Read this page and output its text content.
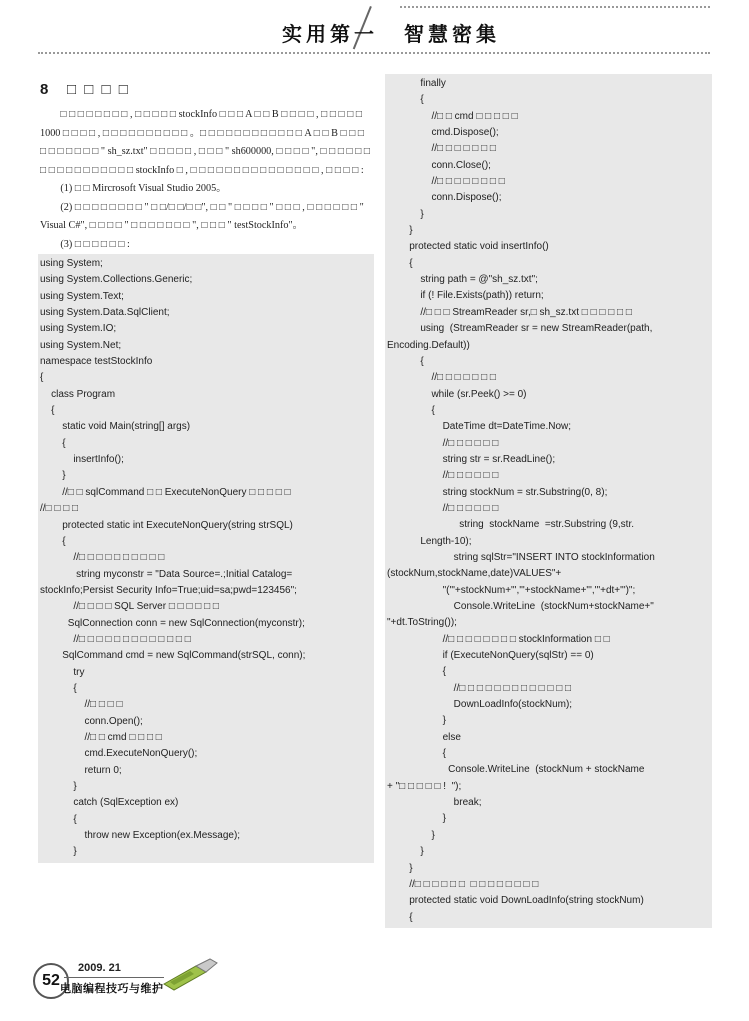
实用第一 智慧密集
8 □ □ □ □
□ □ □ □ □ □ □ □ , □ □ □ □ □ stockInfo □ □ □ A □ □ B □ □ □ □ , □ □ □ □ □ 1000 □ □ □ □ , □ □ □ □ □ □ □ □ □ □ 。□ □ □ □ □ □ □ □ □ □ □ □ A □ □ B □ □ □ □ □ □ □ □ □ □ " sh_sz.txt" □ □ □ □ □ , □ □ □ " sh600000, □ □ □ □ ", □ □ □ □ □ □ □ □ □ □ □ □ □ □ □ □ □ stockInfo □ , □ □ □ □ □ □ □ □ □ □ □ □ □ □ □ , □ □ □ □ :
(1) □ □ Mircrosoft Visual Studio 2005。
(2) □ □ □ □ □ □ □ □ " □ □/□ □/□ □", □ □ " □ □ □ □ " □ □ □ , □ □ □ □ □ □ " Visual C#", □ □ □ □ " □ □ □ □ □ □ □ ", □ □ □ " testStockInfo"。
(3) □ □ □ □ □ □ :
using System;
using System.Collections.Generic;
using System.Text;
using System.Data.SqlClient;
using System.IO;
using System.Net;
namespace testStockInfo
{
class Program
{
static void Main(string[] args)
{
insertInfo();
}
//□ □ sqlCommand □ □ ExecuteNonQuery □ □ □ □ □
//□ □ □ □
protected static int ExecuteNonQuery(string strSQL)
{
//□ □ □ □ □ □ □ □ □ □
string myconstr = "Data Source=.;Initial Catalog=
stockInfo;Persist Security Info=True;uid=sa;pwd=123456";
//□ □ □ □ SQL Server □ □ □ □ □ □
SqlConnection conn = new SqlConnection(myconstr);
//□ □ □ □ □ □ □ □ □ □ □ □ □
SqlCommand cmd = new SqlCommand(strSQL, conn);
try
{
//□ □ □ □
conn.Open();
//□ □ cmd □ □ □ □
cmd.ExecuteNonQuery();
return 0;
}
catch (SqlException ex)
{
throw new Exception(ex.Message);
}
finally
{
//□ □ cmd □ □ □ □ □
cmd.Dispose();
//□ □ □ □ □ □ □
conn.Close();
//□ □ □ □ □ □ □ □
conn.Dispose();
}
}
protected static void insertInfo()
{
string path = @"sh_sz.txt";
if (! File.Exists(path)) return;
//□ □ □ StreamReader sr,□ sh_sz.txt □ □ □ □ □ □
using  (StreamReader sr = new StreamReader(path,
Encoding.Default))
{
//□ □ □ □ □ □ □
while (sr.Peek() >= 0)
{
DateTime dt=DateTime.Now;
//□ □ □ □ □ □
string str = sr.ReadLine();
//□ □ □ □ □ □
string stockNum = str.Substring(0, 8);
//□ □ □ □ □ □
string  stockName  =str.Substring (9,str.
Length-10);
string sqlStr="INSERT INTO stockInformation
(stockNum,stockName,date)VALUES"+
"('"+stockNum+"','"+stockName+"','"+dt+"')";
Console.WriteLine  (stockNum+stockName+"
"+dt.ToString());
//□ □ □ □ □ □ □ □ stockInformation □ □
if (ExecuteNonQuery(sqlStr) == 0)
{
//□ □ □ □ □ □ □ □ □ □ □ □ □
DownLoadInfo(stockNum);
}
else
{
Console.WriteLine  (stockNum + stockName
+ "□ □ □ □ □ !  ");
break;
}
}
}
}
//□ □ □ □ □ □  □ □ □ □ □ □ □ □
protected static void DownLoadInfo(string stockNum)
{
52
2009. 21
电脑编程技巧与维护
